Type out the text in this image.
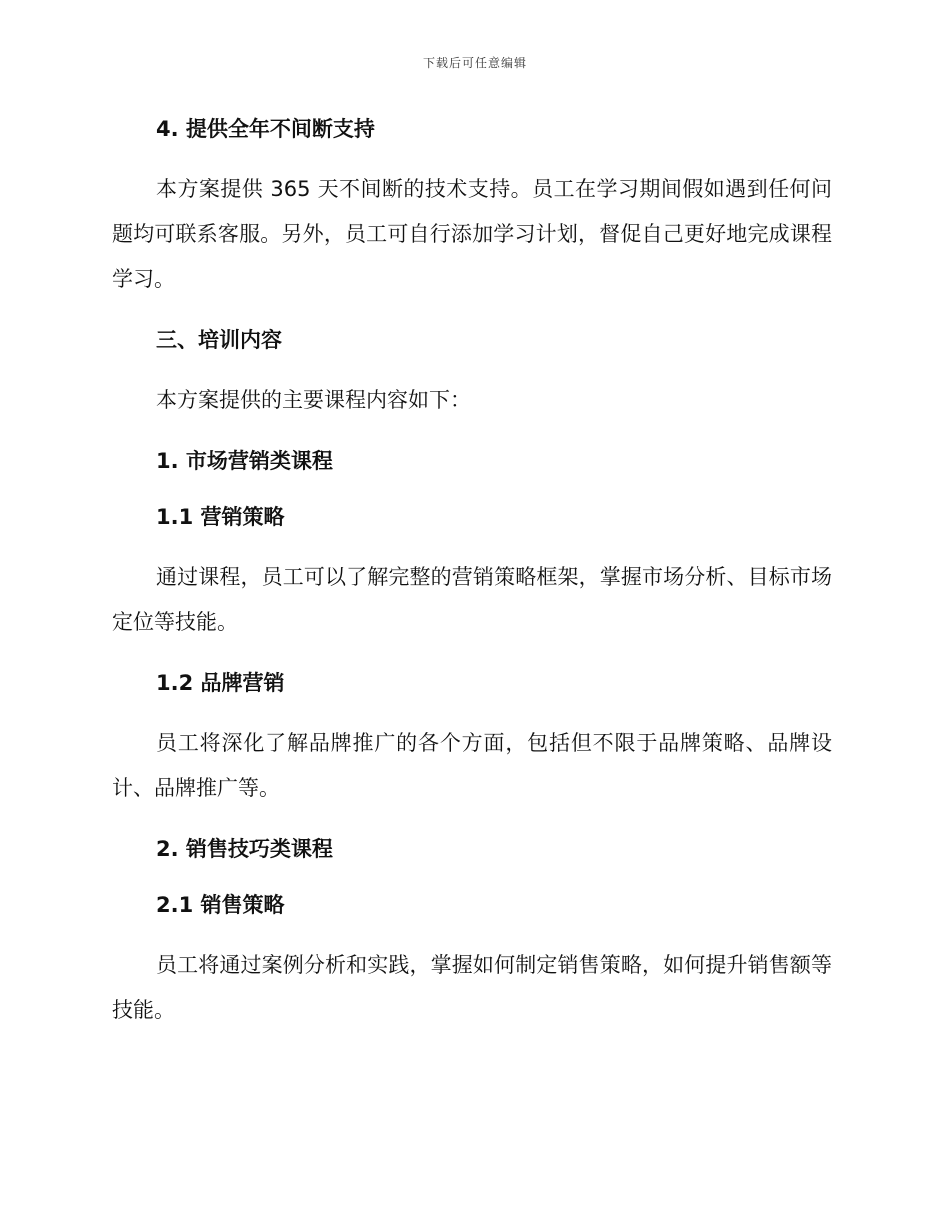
下载后可任意编辑
4. 提供全年不间断支持

本方案提供 365 天不间断的技术支持。员工在学习期间假如遇到任何问题均可联系客服。另外，员工可自行添加学习计划，督促自己更好地完成课程学习。

三、培训内容

本方案提供的主要课程内容如下：

1. 市场营销类课程
1.1 营销策略

通过课程，员工可以了解完整的营销策略框架，掌握市场分析、目标市场定位等技能。

1.2 品牌营销

员工将深化了解品牌推广的各个方面，包括但不限于品牌策略、品牌设计、品牌推广等。

2. 销售技巧类课程
2.1 销售策略

员工将通过案例分析和实践，掌握如何制定销售策略，如何提升销售额等技能。
